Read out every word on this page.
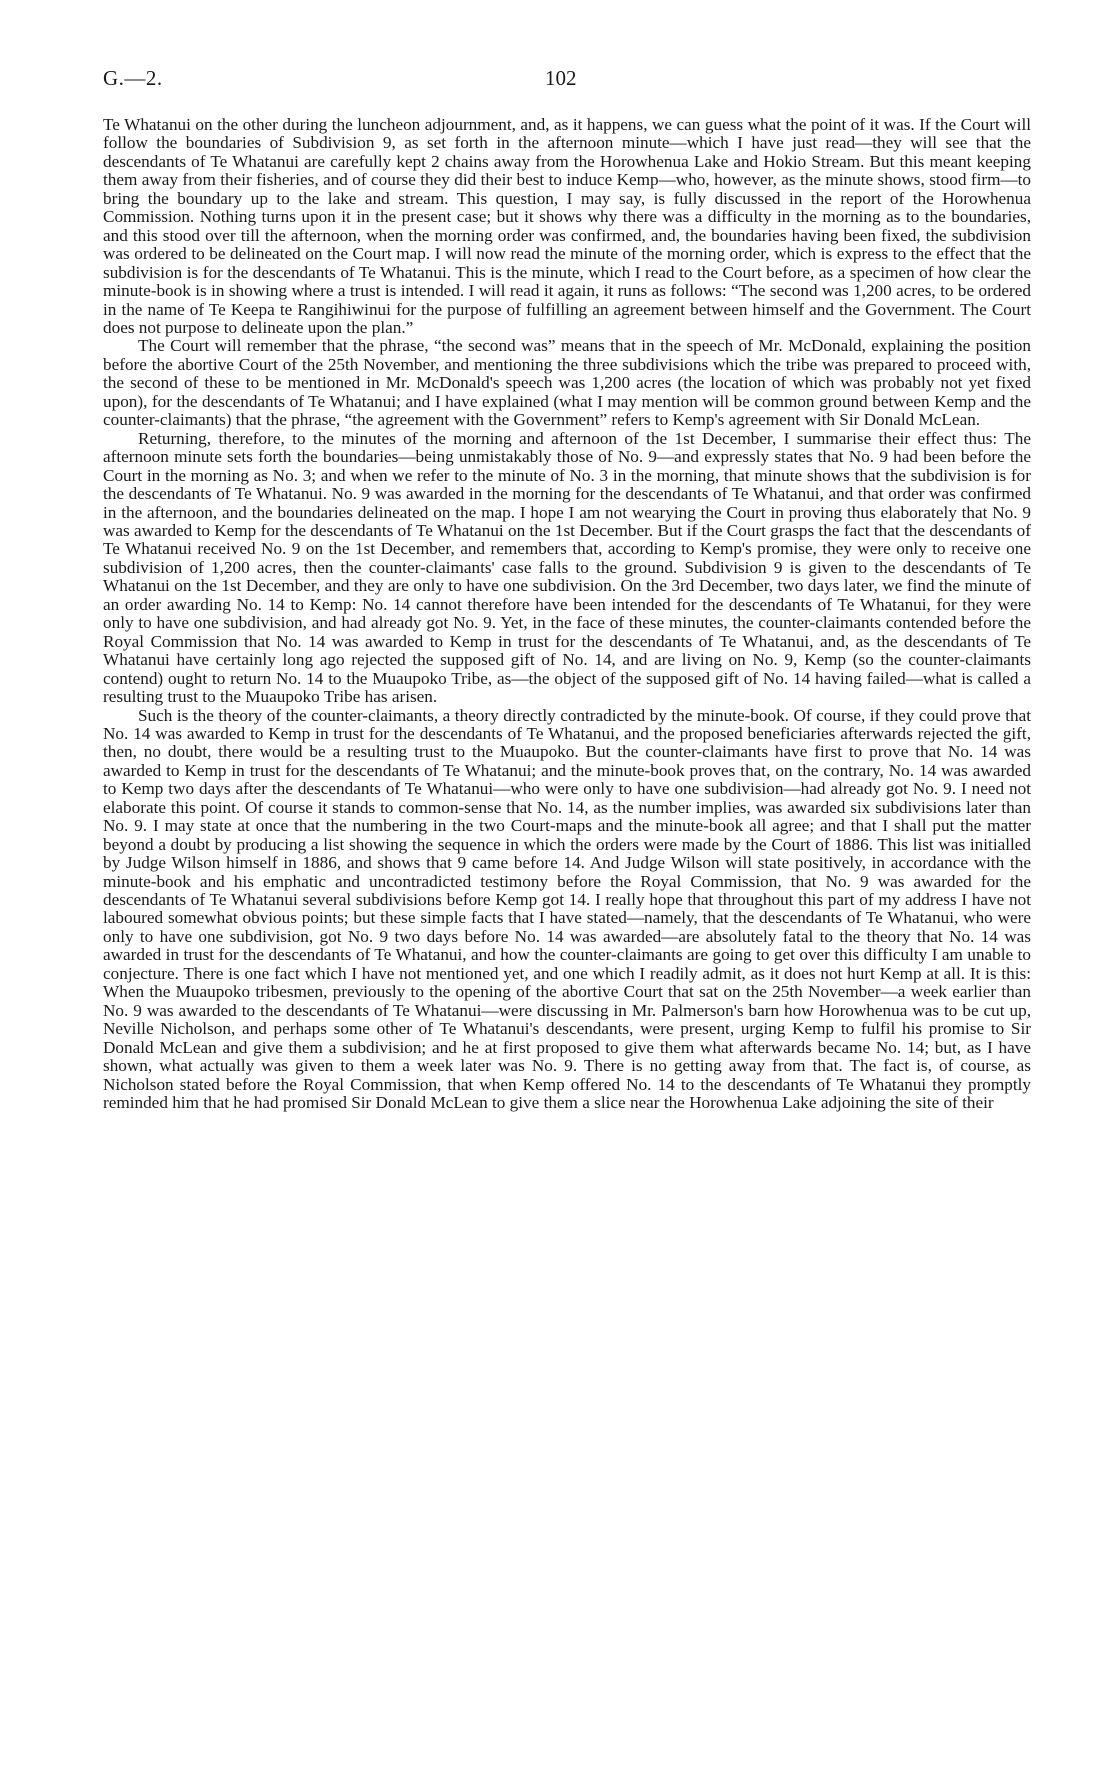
G.—2.	102

Te Whatanui on the other during the luncheon adjournment, and, as it happens, we can guess what the point of it was. If the Court will follow the boundaries of Subdivision 9, as set forth in the afternoon minute—which I have just read—they will see that the descendants of Te Whatanui are carefully kept 2 chains away from the Horowhenua Lake and Hokio Stream. But this meant keeping them away from their fisheries, and of course they did their best to induce Kemp—who, however, as the minute shows, stood firm—to bring the boundary up to the lake and stream. This question, I may say, is fully discussed in the report of the Horowhenua Commission. Nothing turns upon it in the present case; but it shows why there was a difficulty in the morning as to the boundaries, and this stood over till the afternoon, when the morning order was confirmed, and, the boundaries having been fixed, the subdivision was ordered to be delineated on the Court map. I will now read the minute of the morning order, which is express to the effect that the subdivision is for the descendants of Te Whatanui. This is the minute, which I read to the Court before, as a specimen of how clear the minute-book is in showing where a trust is intended. I will read it again, it runs as follows: “The second was 1,200 acres, to be ordered in the name of Te Keepa te Rangihiwinui for the purpose of fulfilling an agreement between himself and the Government. The Court does not purpose to delineate upon the plan.”

The Court will remember that the phrase, “the second was” means that in the speech of Mr. McDonald, explaining the position before the abortive Court of the 25th November, and mentioning the three subdivisions which the tribe was prepared to proceed with, the second of these to be mentioned in Mr. McDonald's speech was 1,200 acres (the location of which was probably not yet fixed upon), for the descendants of Te Whatanui; and I have explained (what I may mention will be common ground between Kemp and the counter-claimants) that the phrase, “the agreement with the Government” refers to Kemp's agreement with Sir Donald McLean.

Returning, therefore, to the minutes of the morning and afternoon of the 1st December, I summarise their effect thus: The afternoon minute sets forth the boundaries—being unmistakably those of No. 9—and expressly states that No. 9 had been before the Court in the morning as No. 3; and when we refer to the minute of No. 3 in the morning, that minute shows that the subdivision is for the descendants of Te Whatanui. No. 9 was awarded in the morning for the descendants of Te Whatanui, and that order was confirmed in the afternoon, and the boundaries delineated on the map. I hope I am not wearying the Court in proving thus elaborately that No. 9 was awarded to Kemp for the descendants of Te Whatanui on the 1st December. But if the Court grasps the fact that the descendants of Te Whatanui received No. 9 on the 1st December, and remembers that, according to Kemp's promise, they were only to receive one subdivision of 1,200 acres, then the counter-claimants' case falls to the ground. Subdivision 9 is given to the descendants of Te Whatanui on the 1st December, and they are only to have one subdivision. On the 3rd December, two days later, we find the minute of an order awarding No. 14 to Kemp: No. 14 cannot therefore have been intended for the descendants of Te Whatanui, for they were only to have one subdivision, and had already got No. 9. Yet, in the face of these minutes, the counter-claimants contended before the Royal Commission that No. 14 was awarded to Kemp in trust for the descendants of Te Whatanui, and, as the descendants of Te Whatanui have certainly long ago rejected the supposed gift of No. 14, and are living on No. 9, Kemp (so the counter-claimants contend) ought to return No. 14 to the Muaupoko Tribe, as—the object of the supposed gift of No. 14 having failed—what is called a resulting trust to the Muaupoko Tribe has arisen.

Such is the theory of the counter-claimants, a theory directly contradicted by the minute-book. Of course, if they could prove that No. 14 was awarded to Kemp in trust for the descendants of Te Whatanui, and the proposed beneficiaries afterwards rejected the gift, then, no doubt, there would be a resulting trust to the Muaupoko. But the counter-claimants have first to prove that No. 14 was awarded to Kemp in trust for the descendants of Te Whatanui; and the minute-book proves that, on the contrary, No. 14 was awarded to Kemp two days after the descendants of Te Whatanui—who were only to have one subdivision—had already got No. 9. I need not elaborate this point. Of course it stands to common-sense that No. 14, as the number implies, was awarded six subdivisions later than No. 9. I may state at once that the numbering in the two Court-maps and the minute-book all agree; and that I shall put the matter beyond a doubt by producing a list showing the sequence in which the orders were made by the Court of 1886. This list was initialled by Judge Wilson himself in 1886, and shows that 9 came before 14. And Judge Wilson will state positively, in accordance with the minute-book and his emphatic and uncontradicted testimony before the Royal Commission, that No. 9 was awarded for the descendants of Te Whatanui several subdivisions before Kemp got 14. I really hope that throughout this part of my address I have not laboured somewhat obvious points; but these simple facts that I have stated—namely, that the descendants of Te Whatanui, who were only to have one subdivision, got No. 9 two days before No. 14 was awarded—are absolutely fatal to the theory that No. 14 was awarded in trust for the descendants of Te Whatanui, and how the counter-claimants are going to get over this difficulty I am unable to conjecture. There is one fact which I have not mentioned yet, and one which I readily admit, as it does not hurt Kemp at all. It is this: When the Muaupoko tribesmen, previously to the opening of the abortive Court that sat on the 25th November—a week earlier than No. 9 was awarded to the descendants of Te Whatanui—were discussing in Mr. Palmerson's barn how Horowhenua was to be cut up, Neville Nicholson, and perhaps some other of Te Whatanui's descendants, were present, urging Kemp to fulfil his promise to Sir Donald McLean and give them a subdivision; and he at first proposed to give them what afterwards became No. 14; but, as I have shown, what actually was given to them a week later was No. 9. There is no getting away from that. The fact is, of course, as Nicholson stated before the Royal Commission, that when Kemp offered No. 14 to the descendants of Te Whatanui they promptly reminded him that he had promised Sir Donald McLean to give them a slice near the Horowhenua Lake adjoining the site of their
